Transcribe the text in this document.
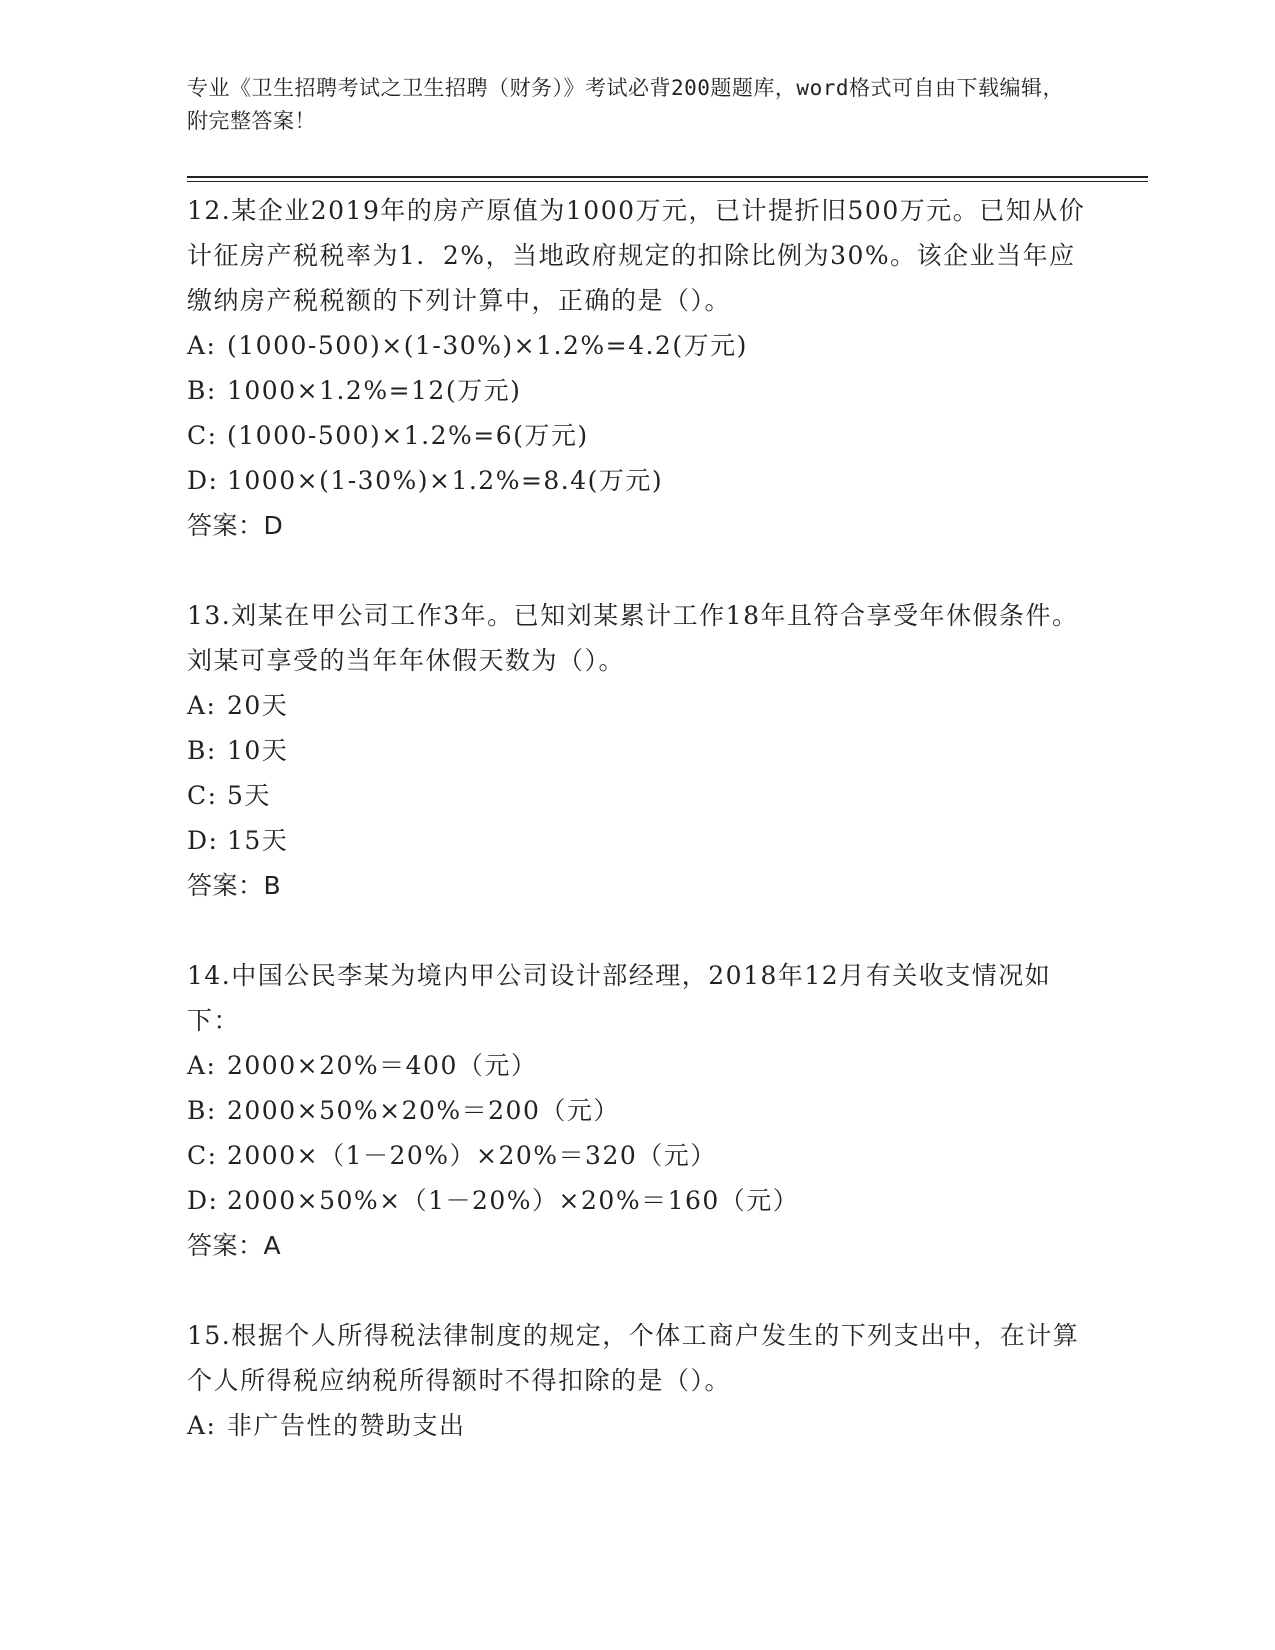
专业《卫生招聘考试之卫生招聘（财务）》考试必背200题题库，word格式可自由下载编辑，附完整答案！

12.某企业2019年的房产原值为1000万元，已计提折旧500万元。已知从价计征房产税税率为1．2%，当地政府规定的扣除比例为30%。该企业当年应缴纳房产税税额的下列计算中，正确的是（）。

A: (1000-500)×(1-30%)×1.2%=4.2(万元)
B: 1000×1.2%=12(万元)
C: (1000-500)×1.2%=6(万元)
D: 1000×(1-30%)×1.2%=8.4(万元)
答案：D

13.刘某在甲公司工作3年。已知刘某累计工作18年且符合享受年休假条件。刘某可享受的当年年休假天数为（）。

A: 20天
B: 10天
C: 5天
D: 15天
答案：B

14.中国公民李某为境内甲公司设计部经理，2018年12月有关收支情况如下：

A: 2000×20%＝400（元）
B: 2000×50%×20%＝200（元）
C: 2000×（1－20%）×20%＝320（元）
D: 2000×50%×（1－20%）×20%＝160（元）
答案：A

15.根据个人所得税法律制度的规定，个体工商户发生的下列支出中，在计算个人所得税应纳税所得额时不得扣除的是（）。

A: 非广告性的赞助支出
